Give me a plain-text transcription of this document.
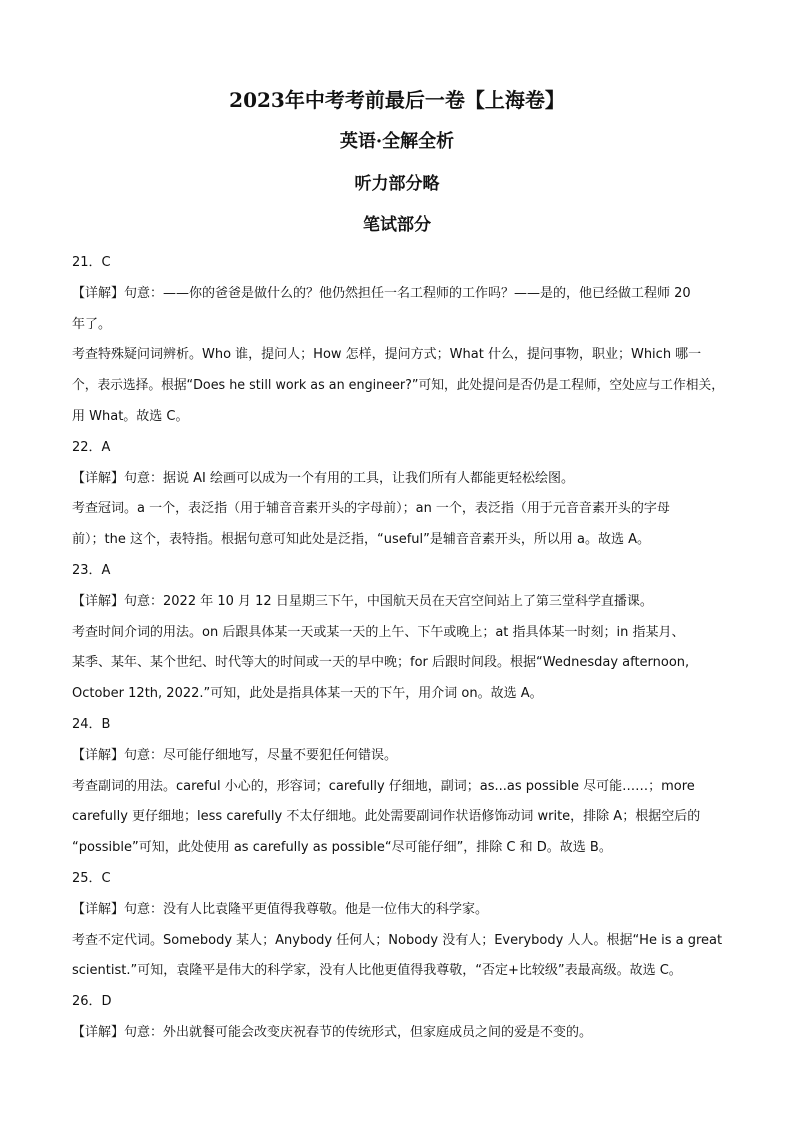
2023年中考考前最后一卷【上海卷】
英语·全解全析
听力部分略
笔试部分

21．C

【详解】句意：——你的爸爸是做什么的？他仍然担任一名工程师的工作吗？——是的，他已经做工程师 20

年了。

考查特殊疑问词辨析。Who 谁，提问人；How 怎样，提问方式；What 什么，提问事物，职业；Which 哪一

个，表示选择。根据“Does he still work as an engineer?”可知，此处提问是否仍是工程师，空处应与工作相关，

用 What。故选 C。

22．A

【详解】句意：据说 AI 绘画可以成为一个有用的工具，让我们所有人都能更轻松绘图。

考查冠词。a 一个，表泛指（用于辅音音素开头的字母前）；an 一个，表泛指（用于元音音素开头的字母

前）；the 这个，表特指。根据句意可知此处是泛指，“useful”是辅音音素开头，所以用 a。故选 A。

23．A

【详解】句意：2022 年 10 月 12 日星期三下午，中国航天员在天宫空间站上了第三堂科学直播课。

考查时间介词的用法。on 后跟具体某一天或某一天的上午、下午或晚上；at 指具体某一时刻；in 指某月、

某季、某年、某个世纪、时代等大的时间或一天的早中晚；for 后跟时间段。根据“Wednesday afternoon,

October 12th, 2022.”可知，此处是指具体某一天的下午，用介词 on。故选 A。

24．B

【详解】句意：尽可能仔细地写，尽量不要犯任何错误。

考查副词的用法。careful 小心的，形容词；carefully 仔细地，副词；as...as possible 尽可能……；more

carefully 更仔细地；less carefully 不太仔细地。此处需要副词作状语修饰动词 write，排除 A；根据空后的

“possible”可知，此处使用 as carefully as possible“尽可能仔细”，排除 C 和 D。故选 B。

25．C

【详解】句意：没有人比袁隆平更值得我尊敬。他是一位伟大的科学家。

考查不定代词。Somebody 某人；Anybody 任何人；Nobody 没有人；Everybody 人人。根据“He is a great

scientist.”可知，袁隆平是伟大的科学家，没有人比他更值得我尊敬，“否定+比较级”表最高级。故选 C。

26．D

【详解】句意：外出就餐可能会改变庆祝春节的传统形式，但家庭成员之间的爱是不变的。
